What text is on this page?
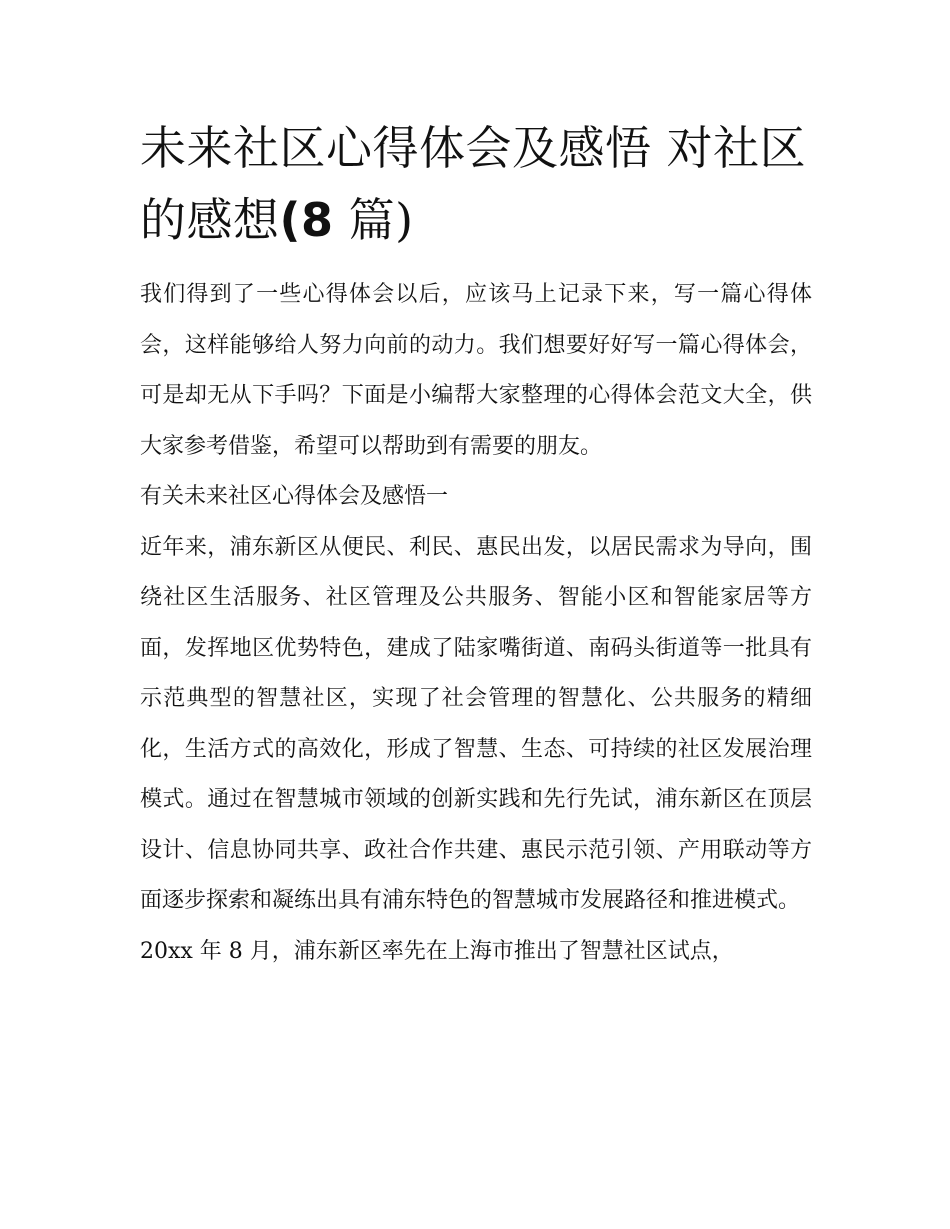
未来社区心得体会及感悟 对社区的感想(8 篇)

我们得到了一些心得体会以后，应该马上记录下来，写一篇心得体会，这样能够给人努力向前的动力。我们想要好好写一篇心得体会，可是却无从下手吗？下面是小编帮大家整理的心得体会范文大全，供大家参考借鉴，希望可以帮助到有需要的朋友。

有关未来社区心得体会及感悟一

近年来，浦东新区从便民、利民、惠民出发，以居民需求为导向，围绕社区生活服务、社区管理及公共服务、智能小区和智能家居等方面，发挥地区优势特色，建成了陆家嘴街道、南码头街道等一批具有示范典型的智慧社区，实现了社会管理的智慧化、公共服务的精细化，生活方式的高效化，形成了智慧、生态、可持续的社区发展治理模式。通过在智慧城市领域的创新实践和先行先试，浦东新区在顶层设计、信息协同共享、政社合作共建、惠民示范引领、产用联动等方面逐步探索和凝练出具有浦东特色的智慧城市发展路径和推进模式。

20xx 年 8 月，浦东新区率先在上海市推出了智慧社区试点，
